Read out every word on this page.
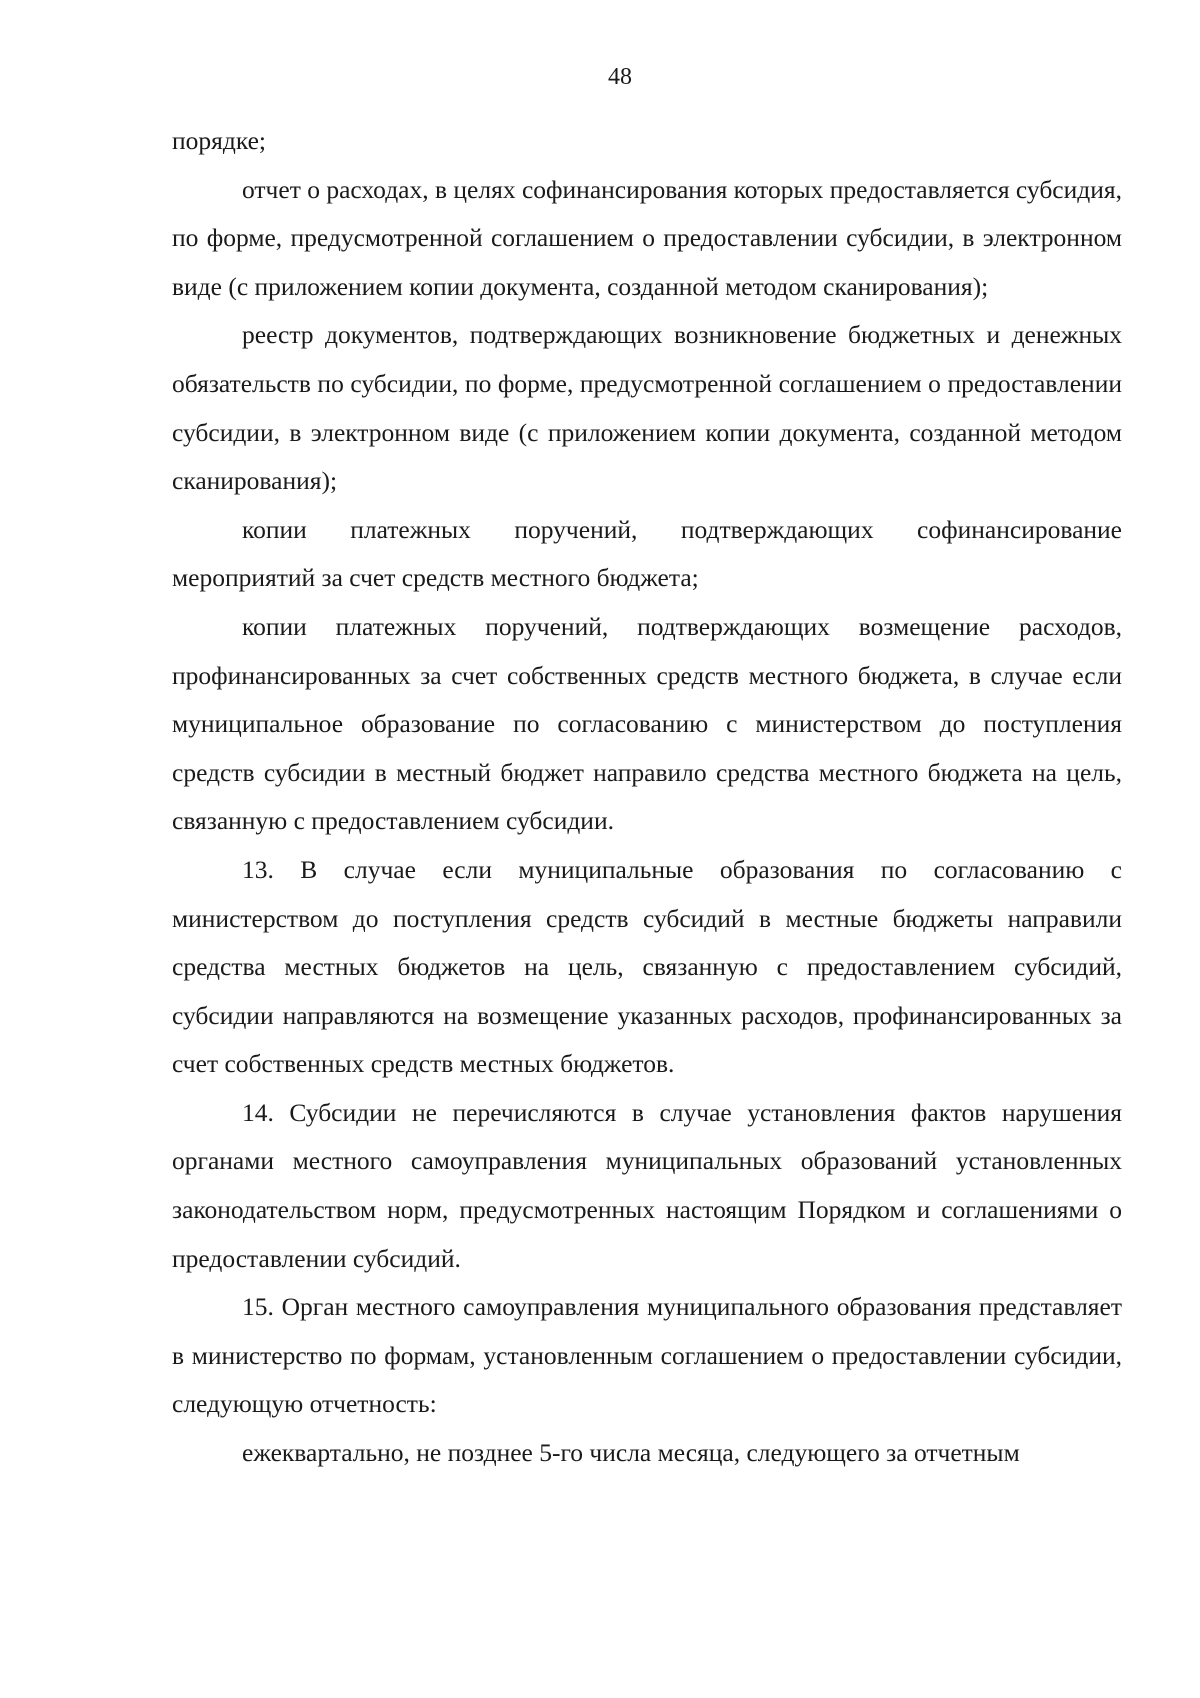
48

порядке;

отчет о расходах, в целях софинансирования которых предоставляется субсидия, по форме, предусмотренной соглашением о предоставлении субсидии, в электронном виде (с приложением копии документа, созданной методом сканирования);

реестр документов, подтверждающих возникновение бюджетных и денежных обязательств по субсидии, по форме, предусмотренной соглашением о предоставлении субсидии, в электронном виде (с приложением копии документа, созданной методом сканирования);

копии платежных поручений, подтверждающих софинансирование мероприятий за счет средств местного бюджета;

копии платежных поручений, подтверждающих возмещение расходов, профинансированных за счет собственных средств местного бюджета, в случае если муниципальное образование по согласованию с министерством до поступления средств субсидии в местный бюджет направило средства местного бюджета на цель, связанную с предоставлением субсидии.

13. В случае если муниципальные образования по согласованию с министерством до поступления средств субсидий в местные бюджеты направили средства местных бюджетов на цель, связанную с предоставлением субсидий, субсидии направляются на возмещение указанных расходов, профинансированных за счет собственных средств местных бюджетов.

14. Субсидии не перечисляются в случае установления фактов нарушения органами местного самоуправления муниципальных образований установленных законодательством норм, предусмотренных настоящим Порядком и соглашениями о предоставлении субсидий.

15. Орган местного самоуправления муниципального образования представляет в министерство по формам, установленным соглашением о предоставлении субсидии, следующую отчетность:

ежеквартально, не позднее 5-го числа месяца, следующего за отчетным
